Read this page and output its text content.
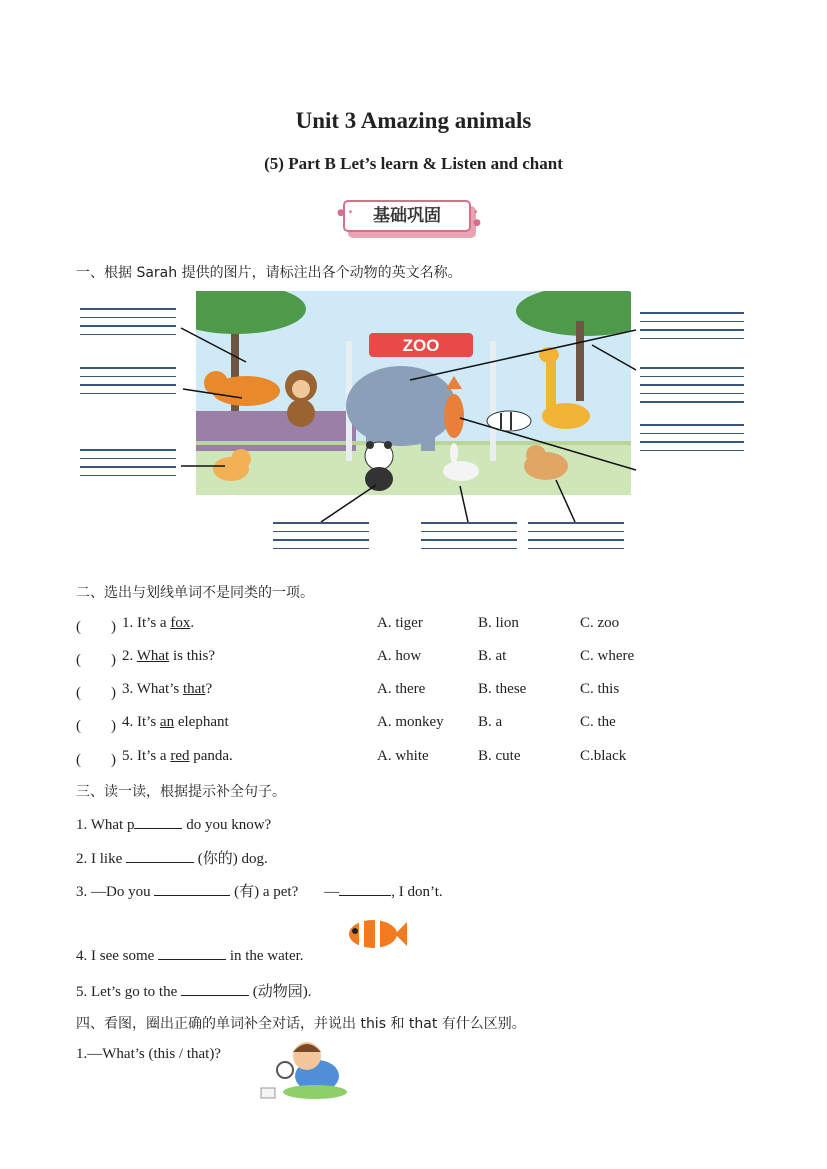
Unit 3 Amazing animals
(5) Part B Let’s learn & Listen and chant
基础巩固
● •	• ●
一、根据 Sarah 提供的图片，请标注出各个动物的英文名称。
ZOO
二、选出与划线单词不是同类的一项。
(　　) 1. It’s a fox.	A. tiger	B. lion	C. zoo
(　　) 2. What is this?	A. how	B. at	C. where
(　　) 3. What’s that?	A. there	B. these	C. this
(　　) 4. It’s an elephant	A. monkey B. a	C. the
(　　) 5. It’s a red panda.	A. white	B. cute	C.black
三、读一读，根据提示补全句子。
1. What p	do you know?
2. I like	(你的) dog.
3. —Do you	(有) a pet? —	, I don’t.
4. I see some	in the water.
5. Let’s go to the	(动物园).
四、看图，圈出正确的单词补全对话，并说出 this 和 that 有什么区别。
1.—What’s (this / that)?
